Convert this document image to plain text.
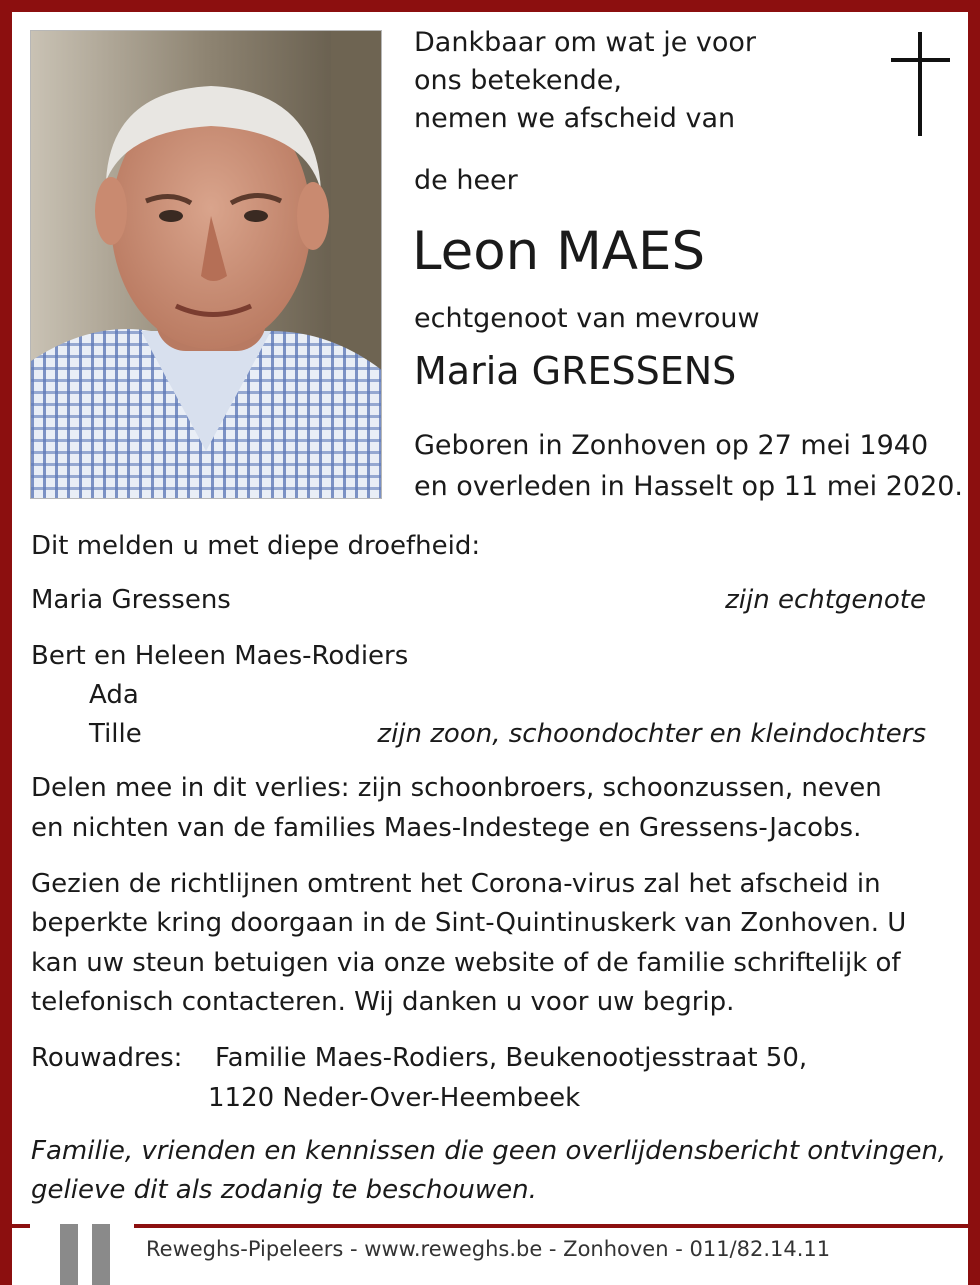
Dankbaar om wat je voor
ons betekende,
nemen we afscheid van
de heer
Leon MAES
echtgenoot van mevrouw
Maria GRESSENS
Geboren in Zonhoven op 27 mei 1940
en overleden in Hasselt op 11 mei 2020.
Dit melden u met diepe droefheid:
Maria Gressens	zijn echtgenote
Bert en Heleen Maes-Rodiers
Ada
Tille	zijn zoon, schoondochter en kleindochters
Delen mee in dit verlies: zijn schoonbroers, schoonzussen, neven
en nichten van de families Maes-Indestege en Gressens-Jacobs.
Gezien de richtlijnen omtrent het Corona-virus zal het afscheid in
beperkte kring doorgaan in de Sint-Quintinuskerk van Zonhoven. U
kan uw steun betuigen via onze website of de familie schriftelijk of
telefonisch contacteren. Wij danken u voor uw begrip.
Rouwadres: Familie Maes-Rodiers, Beukenootjesstraat 50,
1120 Neder-Over-Heembeek
Familie, vrienden en kennissen die geen overlijdensbericht ontvingen,
gelieve dit als zodanig te beschouwen.
Reweghs-Pipeleers - www.reweghs.be - Zonhoven - 011/82.14.11
